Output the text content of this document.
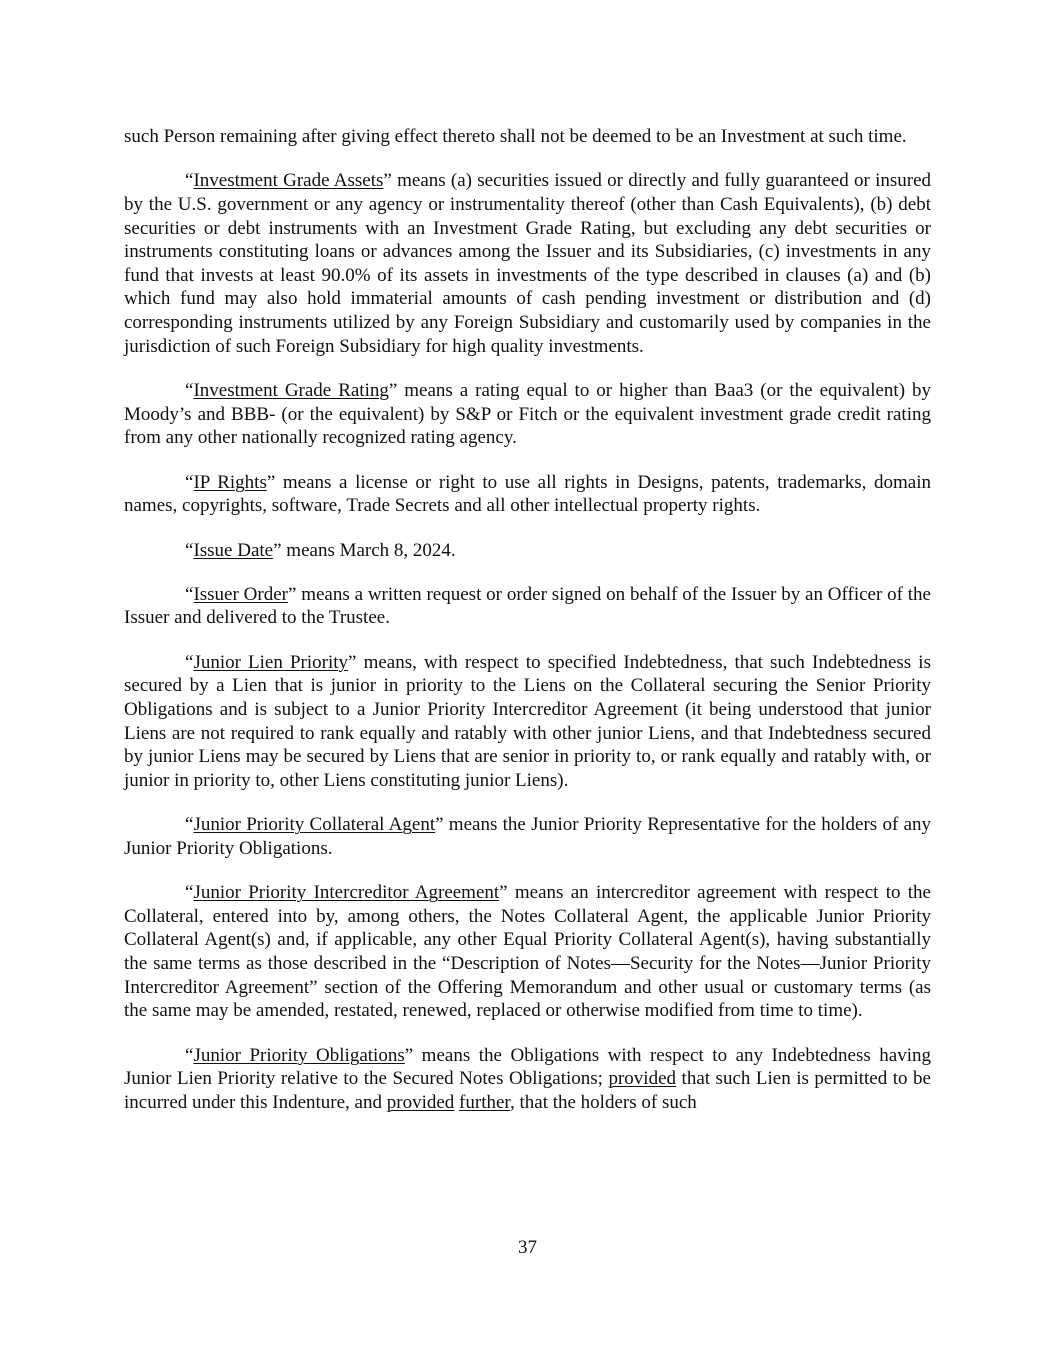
such Person remaining after giving effect thereto shall not be deemed to be an Investment at such time.

“Investment Grade Assets” means (a) securities issued or directly and fully guaranteed or insured by the U.S. government or any agency or instrumentality thereof (other than Cash Equivalents), (b) debt securities or debt instruments with an Investment Grade Rating, but excluding any debt securities or instruments constituting loans or advances among the Issuer and its Subsidiaries, (c) investments in any fund that invests at least 90.0% of its assets in investments of the type described in clauses (a) and (b) which fund may also hold immaterial amounts of cash pending investment or distribution and (d) corresponding instruments utilized by any Foreign Subsidiary and customarily used by companies in the jurisdiction of such Foreign Subsidiary for high quality investments.

“Investment Grade Rating” means a rating equal to or higher than Baa3 (or the equivalent) by Moody’s and BBB- (or the equivalent) by S&P or Fitch or the equivalent investment grade credit rating from any other nationally recognized rating agency.

“IP Rights” means a license or right to use all rights in Designs, patents, trademarks, domain names, copyrights, software, Trade Secrets and all other intellectual property rights.

“Issue Date” means March 8, 2024.

“Issuer Order” means a written request or order signed on behalf of the Issuer by an Officer of the Issuer and delivered to the Trustee.

“Junior Lien Priority” means, with respect to specified Indebtedness, that such Indebtedness is secured by a Lien that is junior in priority to the Liens on the Collateral securing the Senior Priority Obligations and is subject to a Junior Priority Intercreditor Agreement (it being understood that junior Liens are not required to rank equally and ratably with other junior Liens, and that Indebtedness secured by junior Liens may be secured by Liens that are senior in priority to, or rank equally and ratably with, or junior in priority to, other Liens constituting junior Liens).

“Junior Priority Collateral Agent” means the Junior Priority Representative for the holders of any Junior Priority Obligations.

“Junior Priority Intercreditor Agreement” means an intercreditor agreement with respect to the Collateral, entered into by, among others, the Notes Collateral Agent, the applicable Junior Priority Collateral Agent(s) and, if applicable, any other Equal Priority Collateral Agent(s), having substantially the same terms as those described in the “Description of Notes—Security for the Notes—Junior Priority Intercreditor Agreement” section of the Offering Memorandum and other usual or customary terms (as the same may be amended, restated, renewed, replaced or otherwise modified from time to time).

“Junior Priority Obligations” means the Obligations with respect to any Indebtedness having Junior Lien Priority relative to the Secured Notes Obligations; provided that such Lien is permitted to be incurred under this Indenture, and provided further, that the holders of such

37
